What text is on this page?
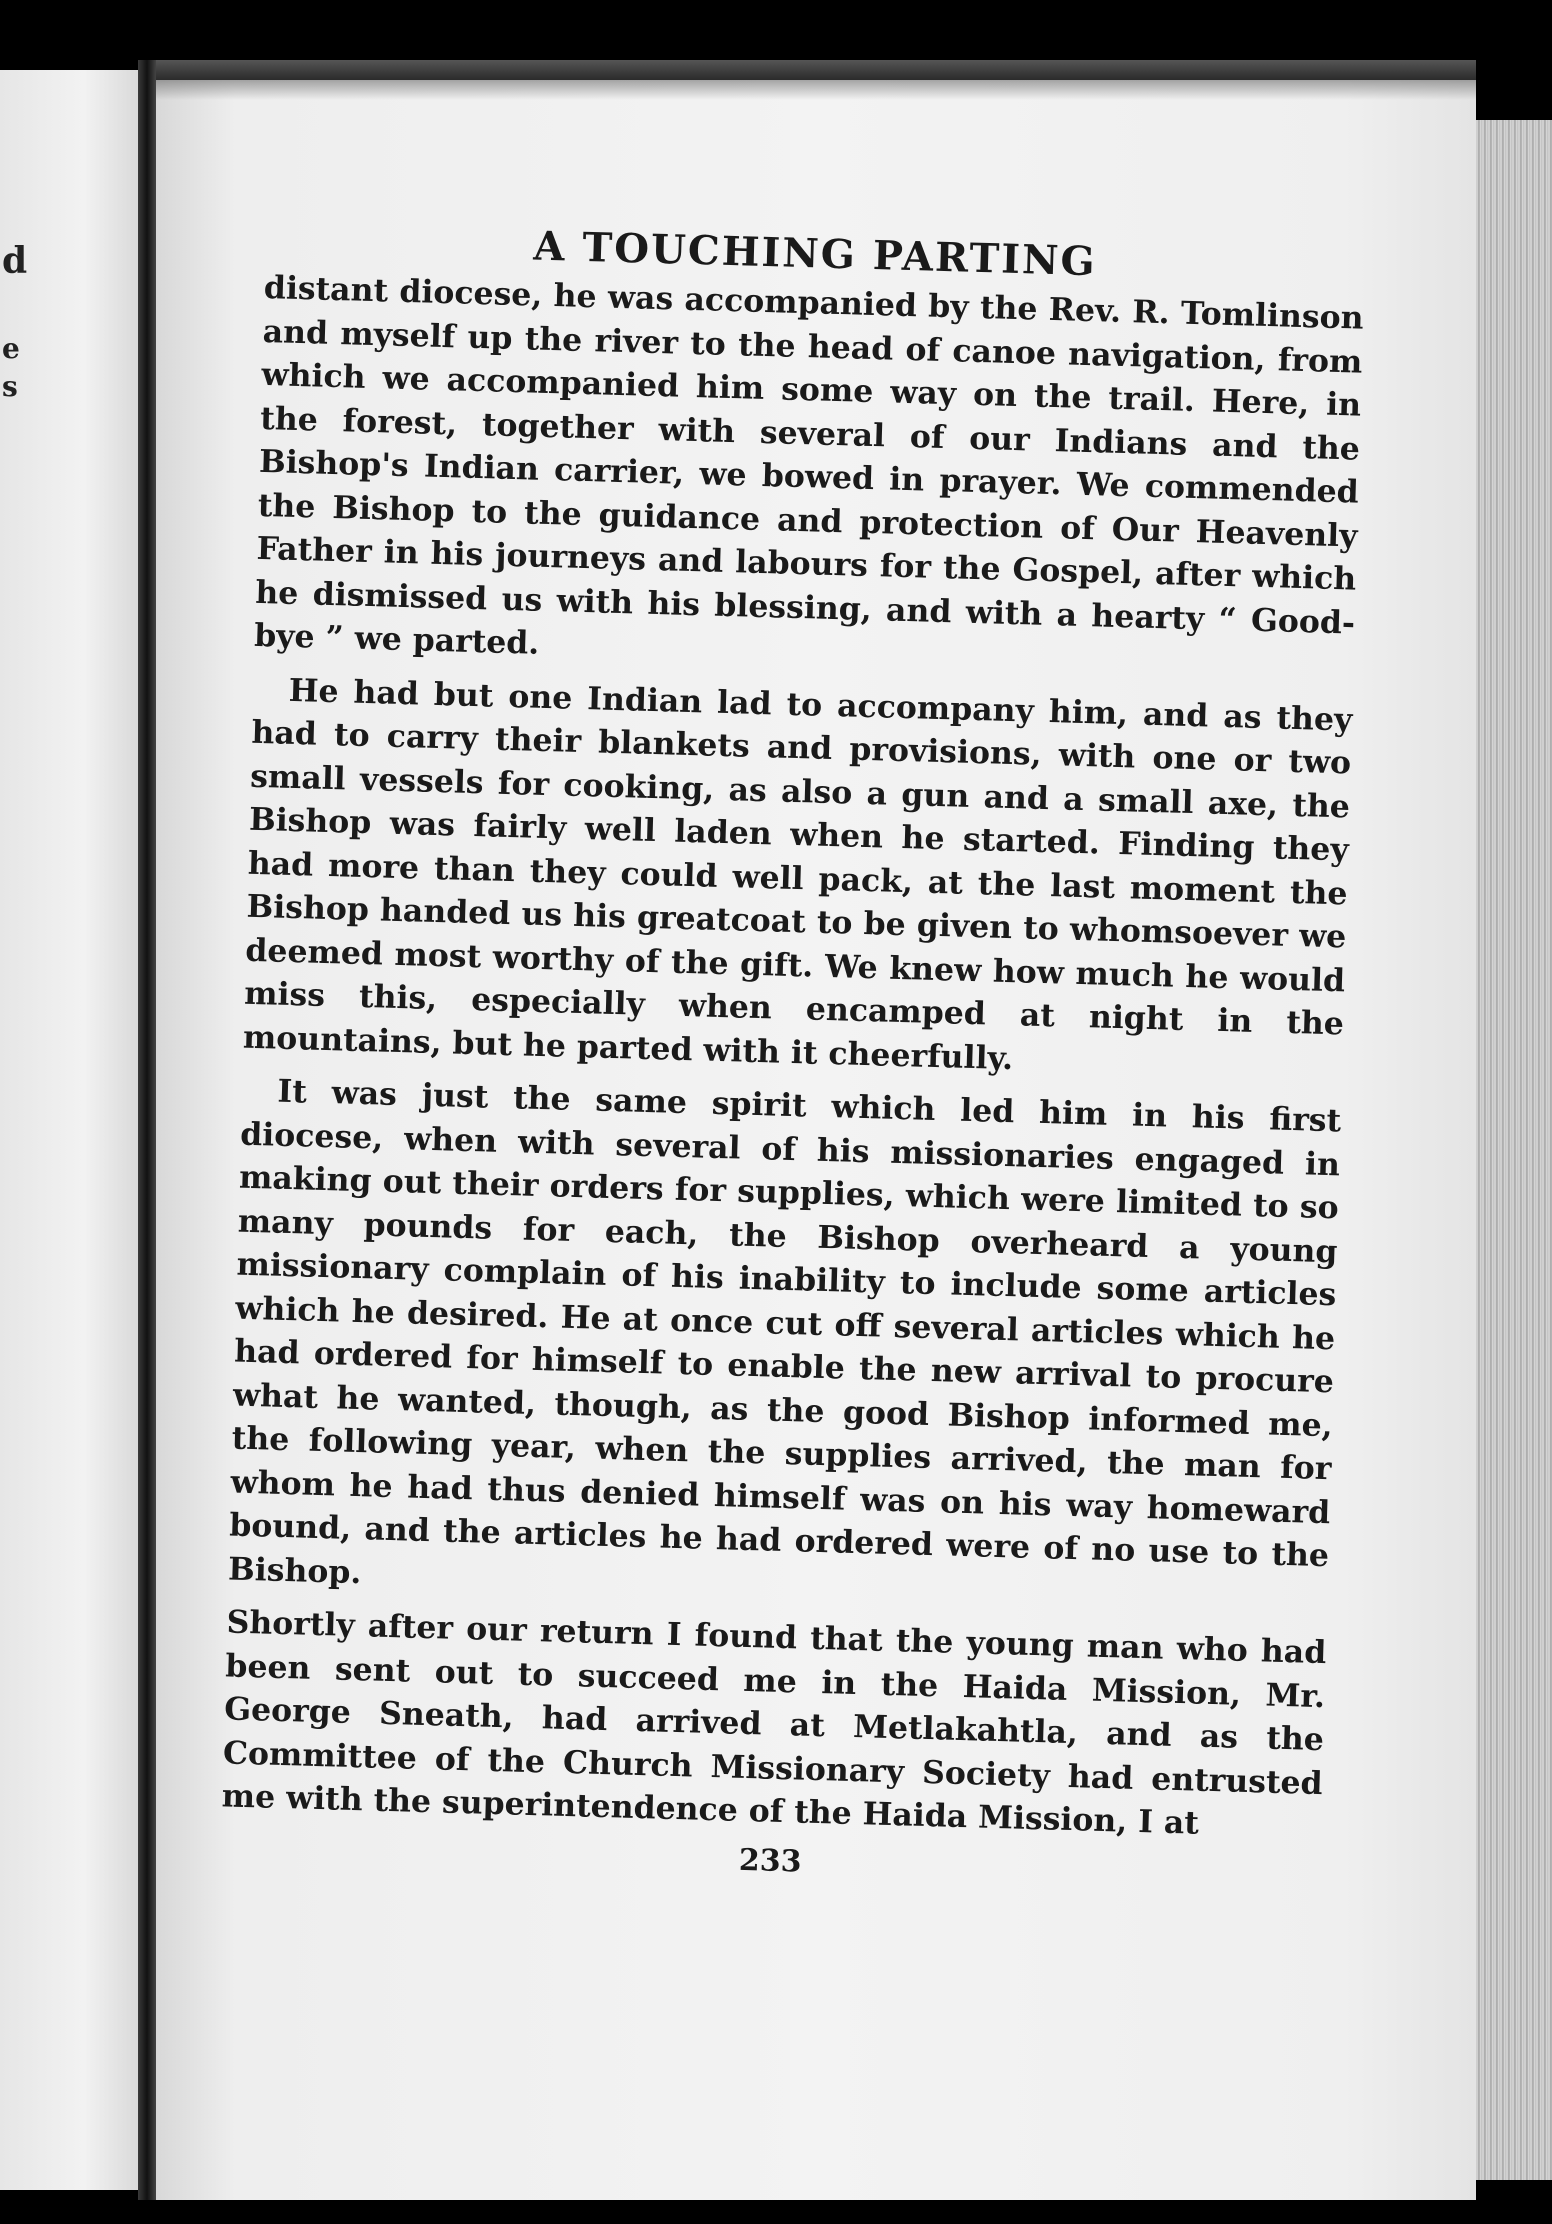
d
e
s
A TOUCHING PARTING

distant diocese, he was accompanied by the Rev. R. Tomlinson and myself up the river to the head of canoe navigation, from which we accompanied him some way on the trail. Here, in the forest, together with several of our Indians and the Bishop's Indian carrier, we bowed in prayer. We commended the Bishop to the guidance and protection of Our Heavenly Father in his journeys and labours for the Gospel, after which he dismissed us with his blessing, and with a hearty “ Good-bye ” we parted.

He had but one Indian lad to accompany him, and as they had to carry their blankets and provisions, with one or two small vessels for cooking, as also a gun and a small axe, the Bishop was fairly well laden when he started. Finding they had more than they could well pack, at the last moment the Bishop handed us his greatcoat to be given to whomsoever we deemed most worthy of the gift. We knew how much he would miss this, especially when encamped at night in the mountains, but he parted with it cheerfully.

It was just the same spirit which led him in his first diocese, when with several of his missionaries engaged in making out their orders for supplies, which were limited to so many pounds for each, the Bishop overheard a young missionary complain of his inability to include some articles which he desired. He at once cut off several articles which he had ordered for himself to enable the new arrival to procure what he wanted, though, as the good Bishop informed me, the following year, when the supplies arrived, the man for whom he had thus denied himself was on his way homeward bound, and the articles he had ordered were of no use to the Bishop.

Shortly after our return I found that the young man who had been sent out to succeed me in the Haida Mission, Mr. George Sneath, had arrived at Metlakahtla, and as the Committee of the Church Missionary Society had entrusted me with the superintendence of the Haida Mission, I at

233
